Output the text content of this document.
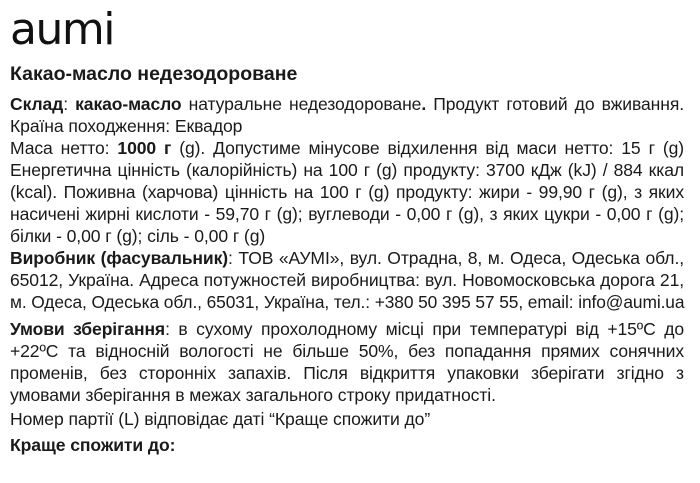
aumi
Какао-масло недезодороване
Склад: какао-масло натуральне недезодороване. Продукт готовий до вживання.
Країна походження: Еквадор
Маса нетто: 1000 г (g). Допустиме мінусове відхилення від маси нетто: 15 г (g)
Енергетична цінність (калорійність) на 100 г (g) продукту: 3700 кДж (kJ) / 884 ккал
(kcal). Поживна (харчова) цінність на 100 г (g) продукту: жири - 99,90 г (g), з яких
насичені жирні кислоти - 59,70 г (g); вуглеводи - 0,00 г (g), з яких цукри - 0,00 г (g);
білки - 0,00 г (g); сіль - 0,00 г (g)
Виробник (фасувальник): ТОВ «АУМІ», вул. Отрадна, 8, м. Одеса, Одеська обл.,
65012, Україна. Адреса потужностей виробництва: вул. Новомосковська дорога 21,
м. Одеса, Одеська обл., 65031, Україна, тел.: +380 50 395 57 55, email: info@aumi.ua
Умови зберігання: в сухому прохолодному місці при температурі від +15ºС до
+22ºС та відносній вологості не більше 50%, без попадання прямих сонячних
променів, без сторонніх запахів. Після відкриття упаковки зберігати згідно з
умовами зберігання в межах загального строку придатності.
Номер партії (L) відповідає даті “Краще спожити до”
Краще спожити до:
